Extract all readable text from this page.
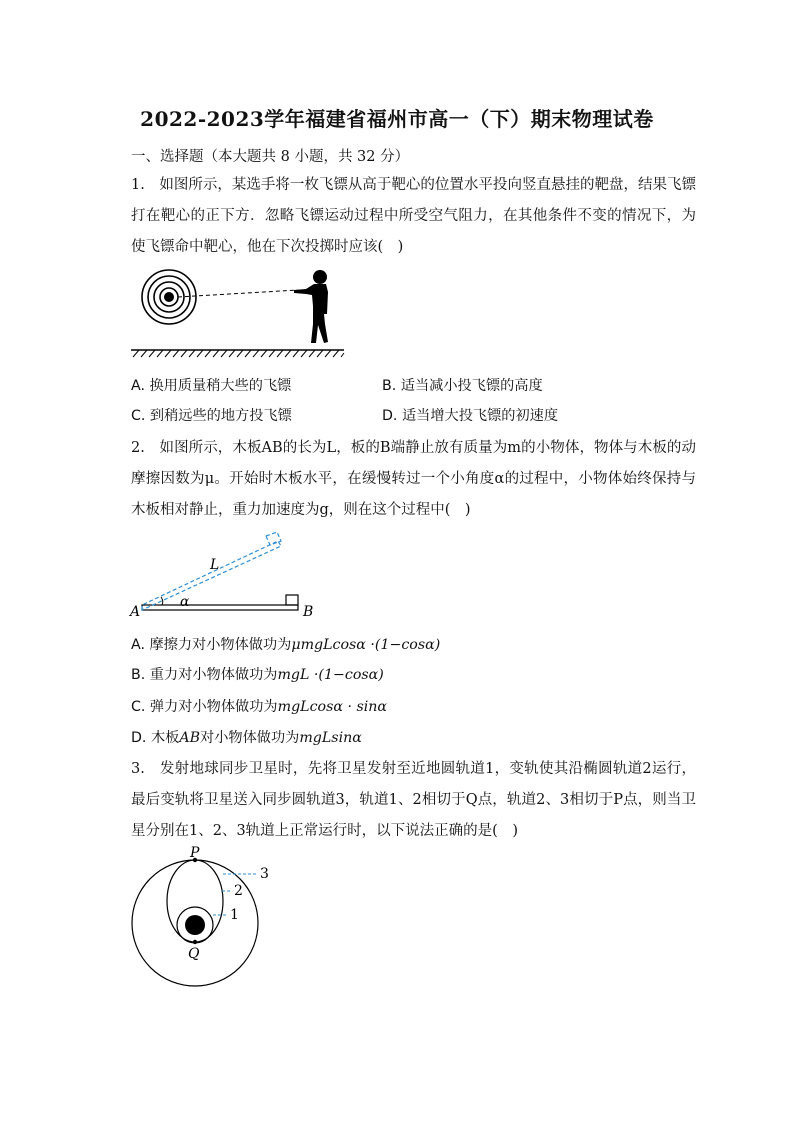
2022-2023学年福建省福州市高一（下）期末物理试卷
一、选择题（本大题共 8 小题，共 32 分）
1.　如图所示，某选手将一枚飞镖从高于靶心的位置水平投向竖直悬挂的靶盘，结果飞镖打在靶心的正下方．忽略飞镖运动过程中所受空气阻力，在其他条件不变的情况下，为使飞镖命中靶心，他在下次投掷时应该(　)
A. 换用质量稍大些的飞镖	B. 适当减小投飞镖的高度
C. 到稍远些的地方投飞镖	D. 适当增大投飞镖的初速度
2.　如图所示，木板AB的长为L，板的B端静止放有质量为m的小物体，物体与木板的动摩擦因数为μ。开始时木板水平，在缓慢转过一个小角度α的过程中，小物体始终保持与木板相对静止，重力加速度为g，则在这个过程中(　)
L
α
A	B
A. 摩擦力对小物体做功为μmgLcosα ·(1−cosα)
B. 重力对小物体做功为mgL ·(1−cosα)
C. 弹力对小物体做功为mgLcosα · sinα
D. 木板AB对小物体做功为mgLsinα
3.　发射地球同步卫星时，先将卫星发射至近地圆轨道1，变轨使其沿椭圆轨道2运行，最后变轨将卫星送入同步圆轨道3，轨道1、2相切于Q点，轨道2、3相切于P点，则当卫星分别在1、2、3轨道上正常运行时，以下说法正确的是(　)
P
Q
1
2
3
